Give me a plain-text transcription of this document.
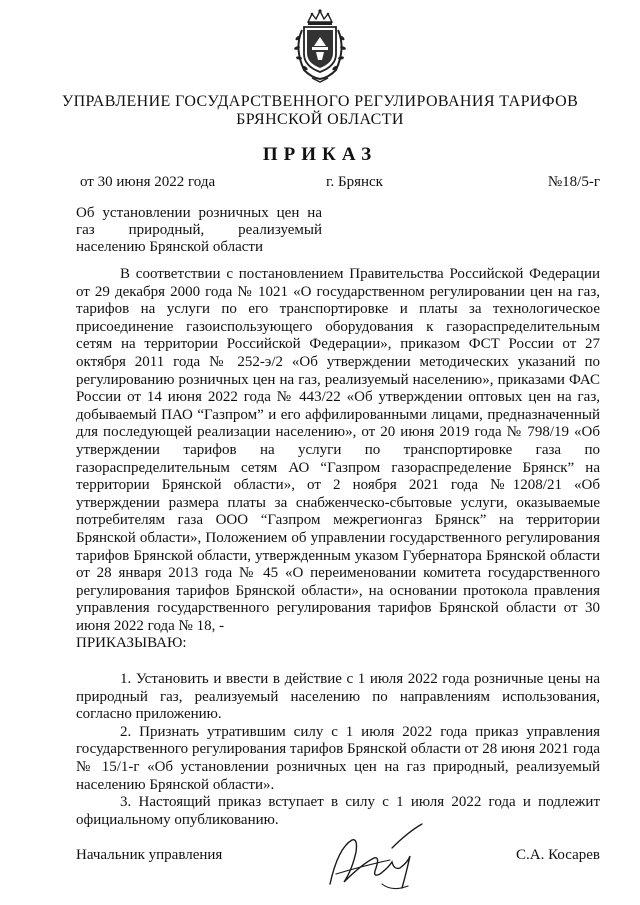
УПРАВЛЕНИЕ ГОСУДАРСТВЕННОГО РЕГУЛИРОВАНИЯ ТАРИФОВ
БРЯНСКОЙ ОБЛАСТИ
ПРИКАЗ
от 30 июня 2022 года	г. Брянск	№18/5-г
Об установлении розничных цен на газ природный, реализуемый населению Брянской области

В соответствии с постановлением Правительства Российской Федерации от 29 декабря 2000 года № 1021 «О государственном регулировании цен на газ, тарифов на услуги по его транспортировке и платы за технологическое присоединение газоиспользующего оборудования к газораспределительным сетям на территории Российской Федерации», приказом ФСТ России от 27 октября 2011 года № 252-э/2 «Об утверждении методических указаний по регулированию розничных цен на газ, реализуемый населению», приказами ФАС России от 14 июня 2022 года № 443/22 «Об утверждении оптовых цен на газ, добываемый ПАО “Газпром” и его аффилированными лицами, предназначенный для последующей реализации населению», от 20 июня 2019 года № 798/19 «Об утверждении тарифов на услуги по транспортировке газа по газораспределительным сетям АО “Газпром газораспределение Брянск” на территории Брянской области», от 2 ноября 2021 года №1208/21 «Об утверждении размера платы за снабженческо-сбытовые услуги, оказываемые потребителям газа ООО “Газпром межрегионгаз Брянск” на территории Брянской области», Положением об управлении государственного регулирования тарифов Брянской области, утвержденным указом Губернатора Брянской области от 28 января 2013 года № 45 «О переименовании комитета государственного регулирования тарифов Брянской области», на основании протокола правления управления государственного регулирования тарифов Брянской области от 30 июня 2022 года № 18, -

ПРИКАЗЫВАЮ:

1. Установить и ввести в действие с 1 июля 2022 года розничные цены на природный газ, реализуемый населению по направлениям использования, согласно приложению.

2. Признать утратившим силу с 1 июля 2022 года приказ управления государственного регулирования тарифов Брянской области от 28 июня 2021 года № 15/1-г «Об установлении розничных цен на газ природный, реализуемый населению Брянской области».

3. Настоящий приказ вступает в силу с 1 июля 2022 года и подлежит официальному опубликованию.

Начальник управления	С.А. Косарев
